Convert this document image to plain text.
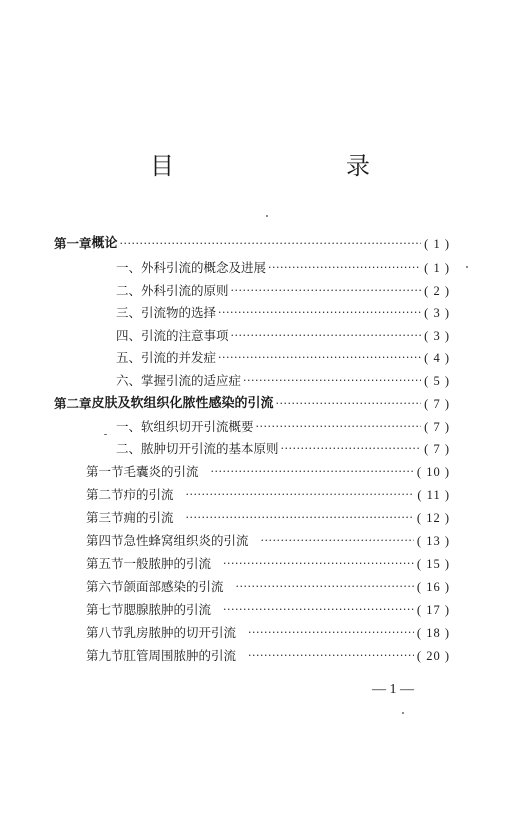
目	录
第一章 概论 ·····	( 1 )
一、外科引流的概念及进展 ·····	( 1 )
二、外科引流的原则 ·····	( 2 )
三、引流物的选择 ·····	( 3 )
四、引流的注意事项 ·····	( 3 )
五、引流的并发症 ·····	( 4 )
六、掌握引流的适应症 ·····	( 5 )
第二章 皮肤及软组织化脓性感染的引流 ·····	( 7 )
一、软组织切开引流概要 ·····	( 7 )
二、脓肿切开引流的基本原则 ·····	( 7 )
第一节 毛囊炎的引流 ·····	( 10 )
第二节 疖的引流 ·····	( 11 )
第三节 痈的引流 ·····	( 12 )
第四节 急性蜂窝组织炎的引流 ·····	( 13 )
第五节 一般脓肿的引流 ·····	( 15 )
第六节 颌面部感染的引流 ·····	( 16 )
第七节 腮腺脓肿的引流 ·····	( 17 )
第八节 乳房脓肿的切开引流 ·····	( 18 )
第九节 肛管周围脓肿的引流 ·····	( 20 )
— 1 —
